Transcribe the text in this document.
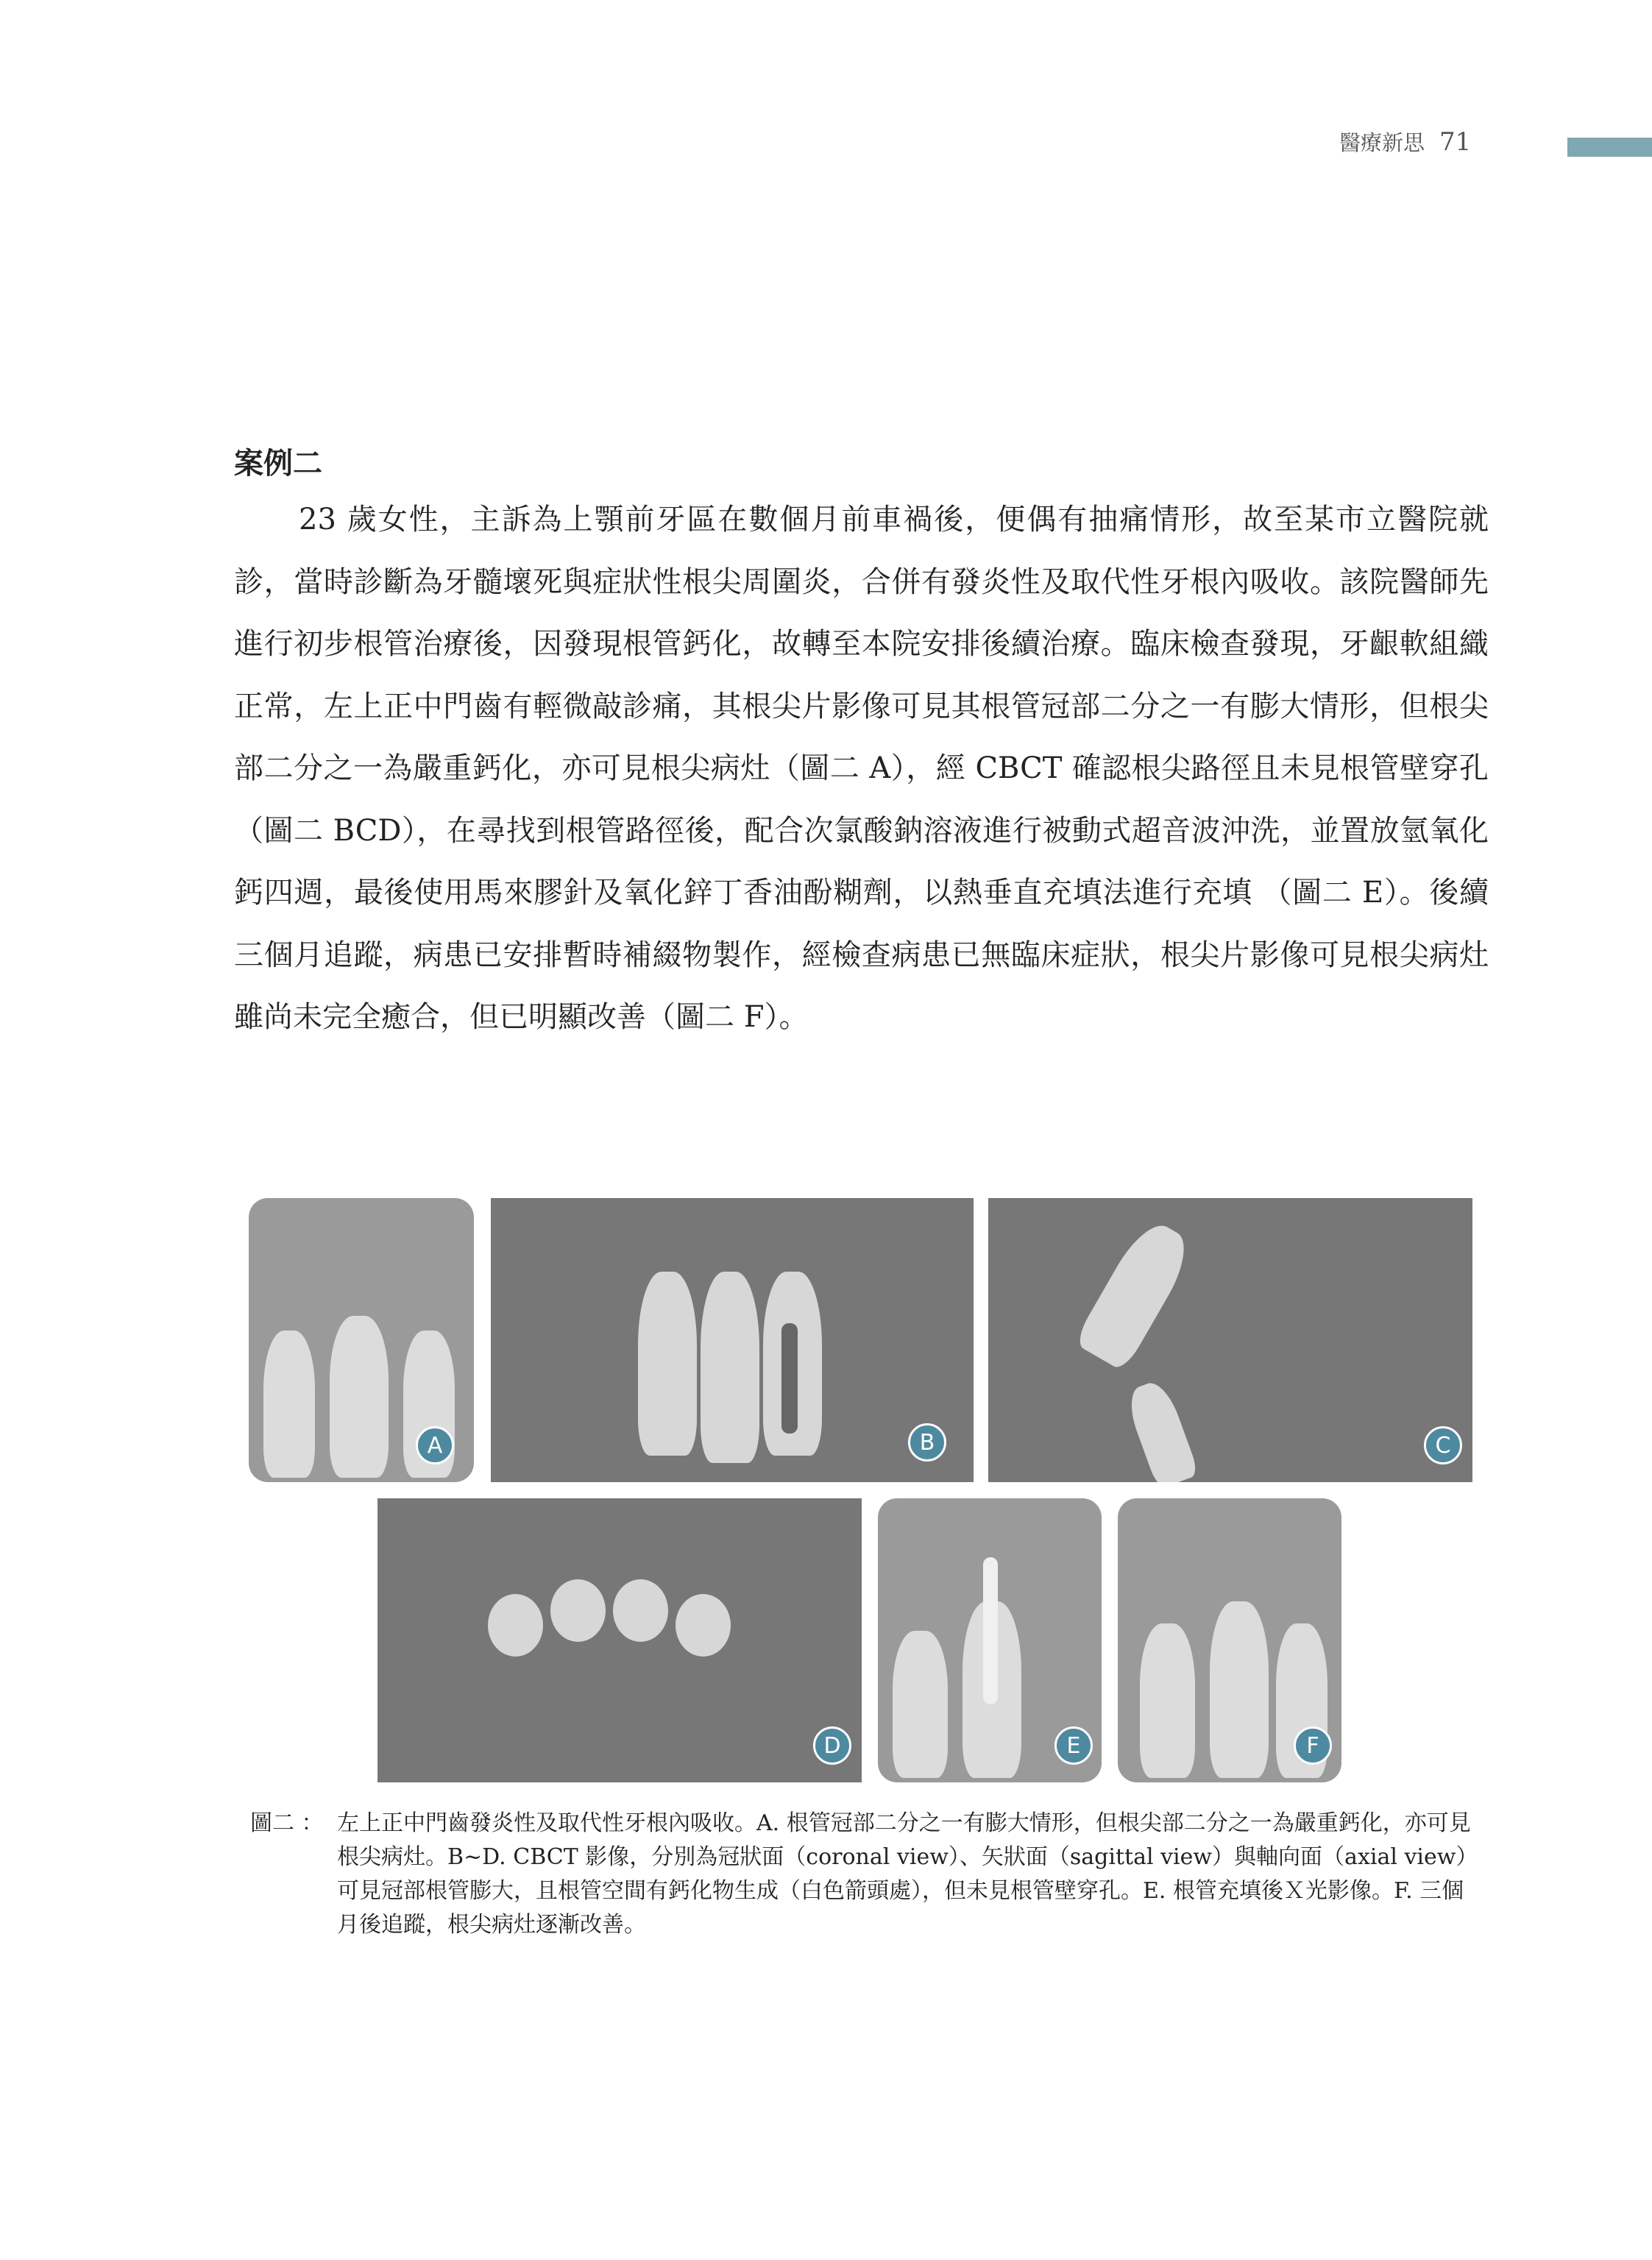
醫療新思 71
案例二

23 歲女性，主訴為上顎前牙區在數個月前車禍後，便偶有抽痛情形，故至某市立醫院就診，當時診斷為牙髓壞死與症狀性根尖周圍炎，合併有發炎性及取代性牙根內吸收。該院醫師先進行初步根管治療後，因發現根管鈣化，故轉至本院安排後續治療。臨床檢查發現，牙齦軟組織正常，左上正中門齒有輕微敲診痛，其根尖片影像可見其根管冠部二分之一有膨大情形，但根尖部二分之一為嚴重鈣化，亦可見根尖病灶（圖二 A），經 CBCT 確認根尖路徑且未見根管壁穿孔 （圖二 BCD），在尋找到根管路徑後，配合次氯酸鈉溶液進行被動式超音波沖洗，並置放氫氧化鈣四週，最後使用馬來膠針及氧化鋅丁香油酚糊劑，以熱垂直充填法進行充填 （圖二 E）。後續三個月追蹤，病患已安排暫時補綴物製作，經檢查病患已無臨床症狀，根尖片影像可見根尖病灶雖尚未完全癒合，但已明顯改善（圖二 F）。

A	B	C
D	E	F
圖二 ： 左上正中門齒發炎性及取代性牙根內吸收。A. 根管冠部二分之一有膨大情形，但根尖部二分之一為嚴重鈣化，亦可見根尖病灶。B~D. CBCT 影像，分別為冠狀面（coronal view）、矢狀面（sagittal view）與軸向面（axial view）可見冠部根管膨大，且根管空間有鈣化物生成（白色箭頭處），但未見根管壁穿孔。E. 根管充填後Ｘ光影像。F. 三個月後追蹤，根尖病灶逐漸改善。
